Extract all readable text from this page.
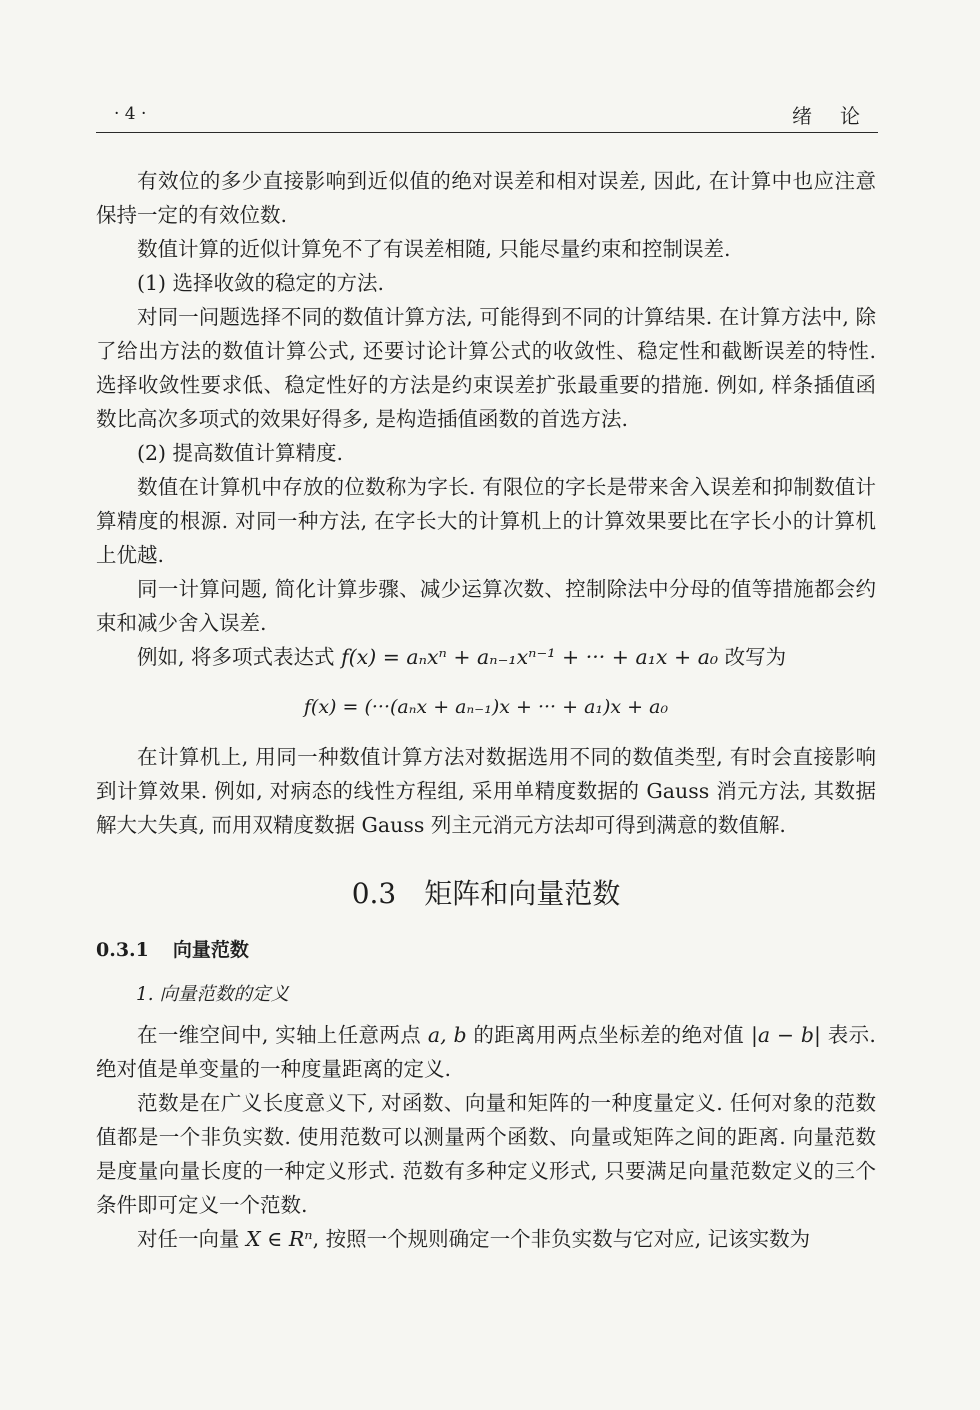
· 4 ·	绪论

有效位的多少直接影响到近似值的绝对误差和相对误差, 因此, 在计算中也应注意保持一定的有效位数.

数值计算的近似计算免不了有误差相随, 只能尽量约束和控制误差.

(1) 选择收敛的稳定的方法.

对同一问题选择不同的数值计算方法, 可能得到不同的计算结果. 在计算方法中, 除了给出方法的数值计算公式, 还要讨论计算公式的收敛性、稳定性和截断误差的特性. 选择收敛性要求低、稳定性好的方法是约束误差扩张最重要的措施. 例如, 样条插值函数比高次多项式的效果好得多, 是构造插值函数的首选方法.

(2) 提高数值计算精度.

数值在计算机中存放的位数称为字长. 有限位的字长是带来舍入误差和抑制数值计算精度的根源. 对同一种方法, 在字长大的计算机上的计算效果要比在字长小的计算机上优越.

同一计算问题, 简化计算步骤、减少运算次数、控制除法中分母的值等措施都会约束和减少舍入误差.

例如, 将多项式表达式 f(x) = aₙxⁿ + aₙ₋₁xⁿ⁻¹ + ··· + a₁x + a₀ 改写为

f(x) = (···(aₙx + aₙ₋₁)x + ··· + a₁)x + a₀

在计算机上, 用同一种数值计算方法对数据选用不同的数值类型, 有时会直接影响到计算效果. 例如, 对病态的线性方程组, 采用单精度数据的 Gauss 消元方法, 其数据解大大失真, 而用双精度数据 Gauss 列主元消元方法却可得到满意的数值解.

0.3 矩阵和向量范数
0.3.1 向量范数

1. 向量范数的定义

在一维空间中, 实轴上任意两点 a, b 的距离用两点坐标差的绝对值 |a − b| 表示. 绝对值是单变量的一种度量距离的定义.

范数是在广义长度意义下, 对函数、向量和矩阵的一种度量定义. 任何对象的范数值都是一个非负实数. 使用范数可以测量两个函数、向量或矩阵之间的距离. 向量范数是度量向量长度的一种定义形式. 范数有多种定义形式, 只要满足向量范数定义的三个条件即可定义一个范数.

对任一向量 X ∈ Rⁿ, 按照一个规则确定一个非负实数与它对应, 记该实数为
